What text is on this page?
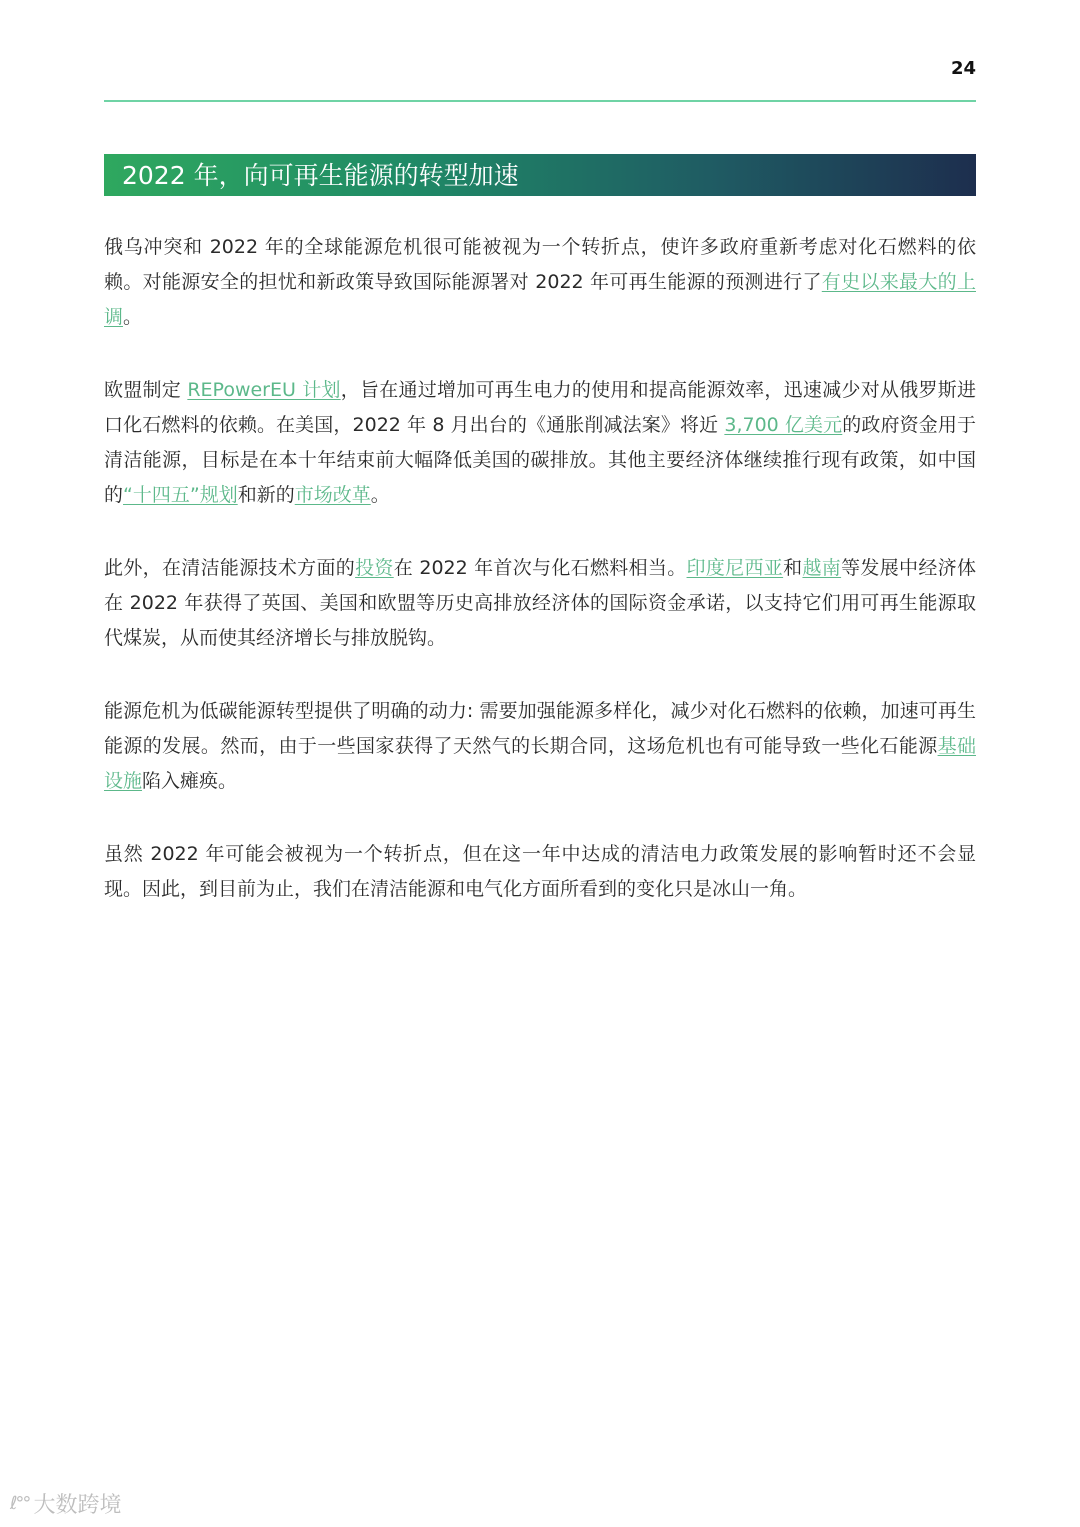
24
2022 年，向可再生能源的转型加速

俄乌冲突和 2022 年的全球能源危机很可能被视为一个转折点，使许多政府重新考虑对化石燃料的依赖。对能源安全的担忧和新政策导致国际能源署对 2022 年可再生能源的预测进行了有史以来最大的上调。

欧盟制定 REPowerEU 计划，旨在通过增加可再生电力的使用和提高能源效率，迅速减少对从俄罗斯进口化石燃料的依赖。在美国，2022 年 8 月出台的《通胀削减法案》将近 3,700 亿美元的政府资金用于清洁能源，目标是在本十年结束前大幅降低美国的碳排放。其他主要经济体继续推行现有政策，如中国的“十四五”规划和新的市场改革。

此外，在清洁能源技术方面的投资在 2022 年首次与化石燃料相当。印度尼西亚和越南等发展中经济体在 2022 年获得了英国、美国和欧盟等历史高排放经济体的国际资金承诺，以支持它们用可再生能源取代煤炭，从而使其经济增长与排放脱钩。

能源危机为低碳能源转型提供了明确的动力: 需要加强能源多样化，减少对化石燃料的依赖，加速可再生能源的发展。然而，由于一些国家获得了天然气的长期合同，这场危机也有可能导致一些化石能源基础设施陷入瘫痪。

虽然 2022 年可能会被视为一个转折点，但在这一年中达成的清洁电力政策发展的影响暂时还不会显现。因此，到目前为止，我们在清洁能源和电气化方面所看到的变化只是冰山一角。

ℓ°° 大数跨境
